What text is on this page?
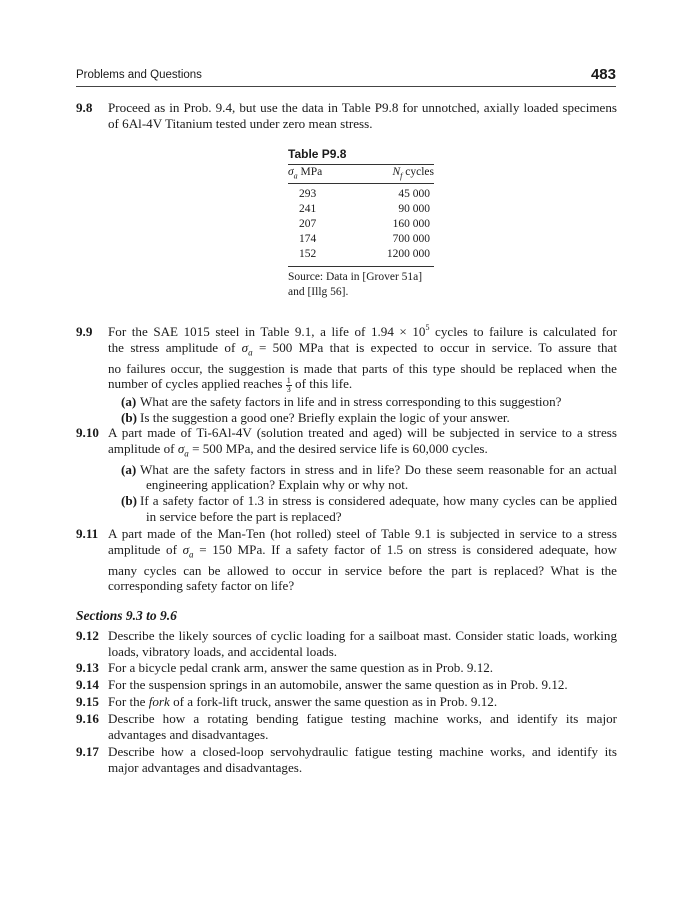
Problems and Questions	483
9.8 Proceed as in Prob. 9.4, but use the data in Table P9.8 for unnotched, axially loaded specimens
of 6Al-4V Titanium tested under zero mean stress.
Table P9.8
$\sigma_a$ MPa	$N_f$ cycles
293	45 000
241	90 000
207	160 000
174	700 000
152	1200 000
Source: Data in [Grover 51a]
and [Illg 56].
9.9 For the SAE 1015 steel in Table 9.1, a life of $1.94 \times 10^5$ cycles to failure is calculated for
the stress amplitude of $\sigma_a = 500$ MPa that is expected to occur in service. To assure that
no failures occur, the suggestion is made that parts of this type should be replaced when the
number of cycles applied reaches $\frac{1}{3}$ of this life.
(a) What are the safety factors in life and in stress corresponding to this suggestion?
(b) Is the suggestion a good one? Briefly explain the logic of your answer.
9.10 A part made of Ti-6Al-4V (solution treated and aged) will be subjected in service to a stress
amplitude of $\sigma_a = 500$ MPa, and the desired service life is 60,000 cycles.
(a) What are the safety factors in stress and in life? Do these seem reasonable for an actual
engineering application? Explain why or why not.
(b) If a safety factor of 1.3 in stress is considered adequate, how many cycles can be applied
in service before the part is replaced?
9.11 A part made of the Man-Ten (hot rolled) steel of Table 9.1 is subjected in service to a stress
amplitude of $\sigma_a = 150$ MPa. If a safety factor of 1.5 on stress is considered adequate, how
many cycles can be allowed to occur in service before the part is replaced? What is the
corresponding safety factor on life?
Sections 9.3 to 9.6
9.12 Describe the likely sources of cyclic loading for a sailboat mast. Consider static loads, working
loads, vibratory loads, and accidental loads.
9.13 For a bicycle pedal crank arm, answer the same question as in Prob. 9.12.
9.14 For the suspension springs in an automobile, answer the same question as in Prob. 9.12.
9.15 For the fork of a fork-lift truck, answer the same question as in Prob. 9.12.
9.16 Describe how a rotating bending fatigue testing machine works, and identify its major
advantages and disadvantages.
9.17 Describe how a closed-loop servohydraulic fatigue testing machine works, and identify its
major advantages and disadvantages.
